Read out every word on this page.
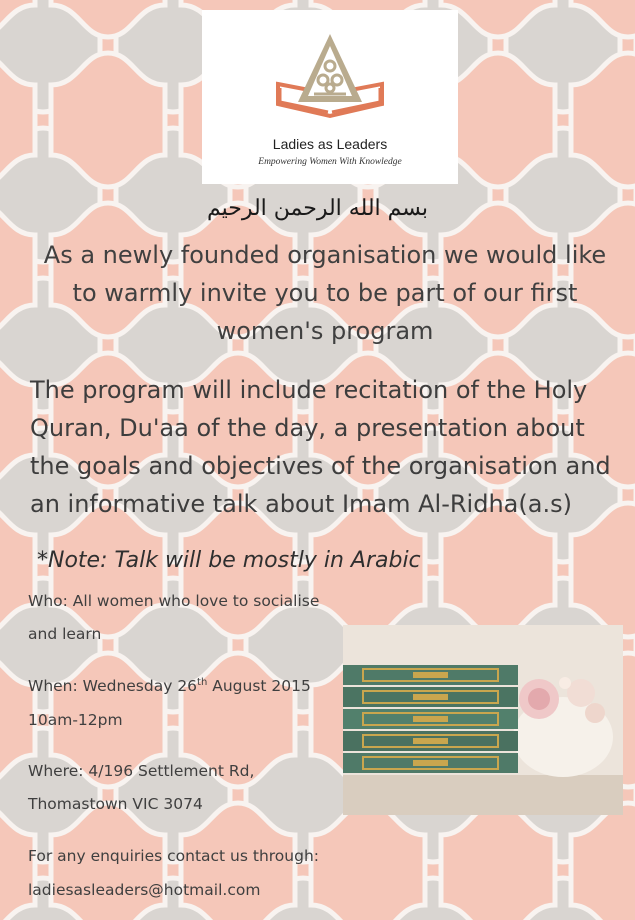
Ladies as Leaders
Empowering Women With Knowledge
بسم الله الرحمن الرحيم
As a newly founded organisation we would like to warmly invite you to be part of our first women's program
The program will include recitation of the Holy Quran, Du'aa of the day, a presentation about the goals and objectives of the organisation and an informative talk about Imam Al-Ridha(a.s)
*Note: Talk will be mostly in Arabic
Who: All women who love to socialise
and learn
When: Wednesday 26th August 2015
10am-12pm
Where: 4/196 Settlement Rd,
Thomastown VIC 3074
For any enquiries contact us through:
ladiesasleaders@hotmail.com
